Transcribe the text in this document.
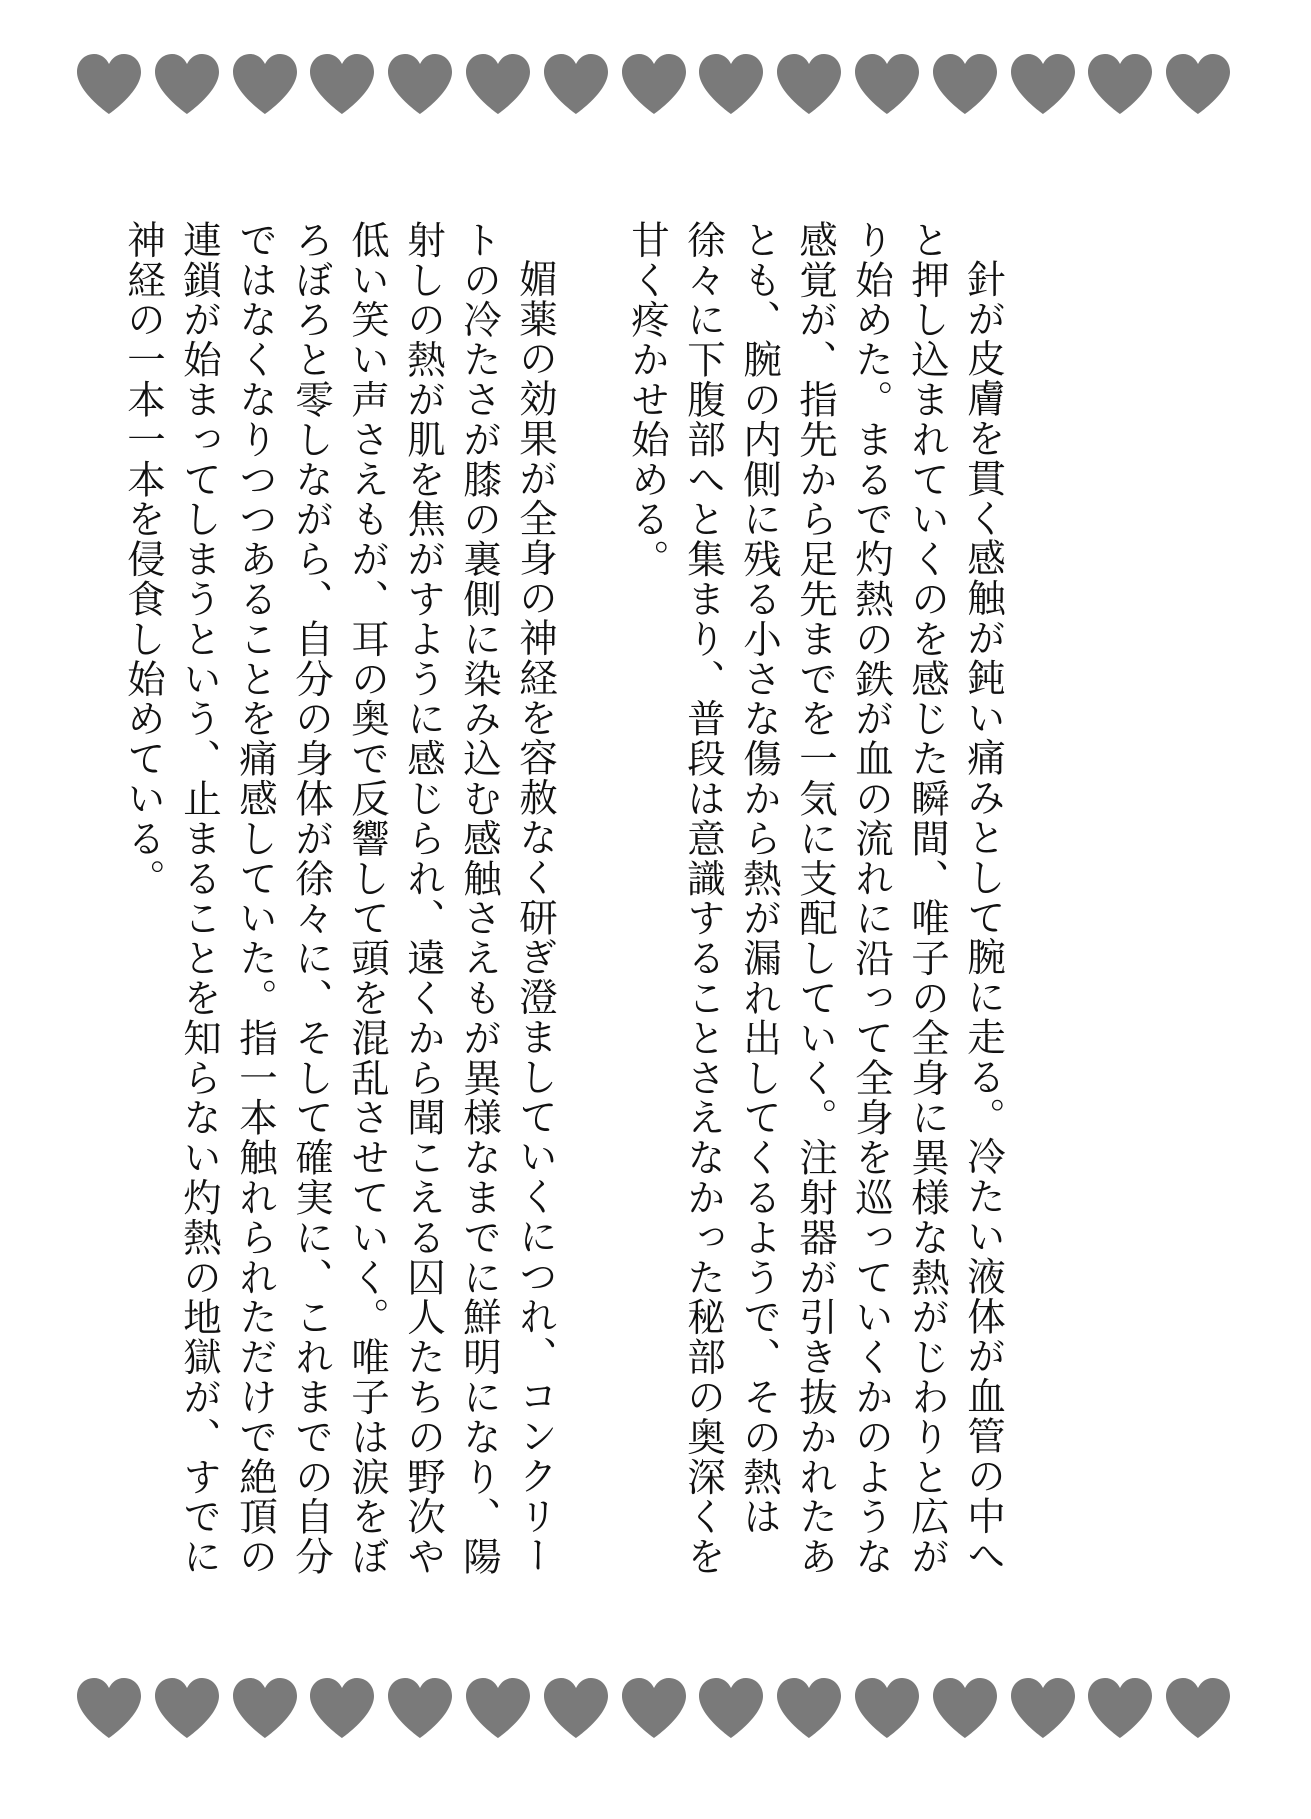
針が皮膚を貫く感触が鈍い痛みとして腕に走る。冷たい液体が血管の中へと押し込まれていくのを感じた瞬間、唯子の全身に異様な熱がじわりと広がり始めた。まるで灼熱の鉄が血の流れに沿って全身を巡っていくかのような感覚が、指先から足先までを一気に支配していく。注射器が引き抜かれたあとも、腕の内側に残る小さな傷から熱が漏れ出してくるようで、その熱は徐々に下腹部へと集まり、普段は意識することさえなかった秘部の奥深くを甘く疼かせ始める。

媚薬の効果が全身の神経を容赦なく研ぎ澄ましていくにつれ、コンクリートの冷たさが膝の裏側に染み込む感触さえもが異様なまでに鮮明になり、陽射しの熱が肌を焦がすように感じられ、遠くから聞こえる囚人たちの野次や低い笑い声さえもが、耳の奥で反響して頭を混乱させていく。唯子は涙をぼろぼろと零しながら、自分の身体が徐々に、そして確実に、これまでの自分ではなくなりつつあることを痛感していた。指一本触れられただけで絶頂の連鎖が始まってしまうという、止まることを知らない灼熱の地獄が、すでに神経の一本一本を侵食し始めている。
